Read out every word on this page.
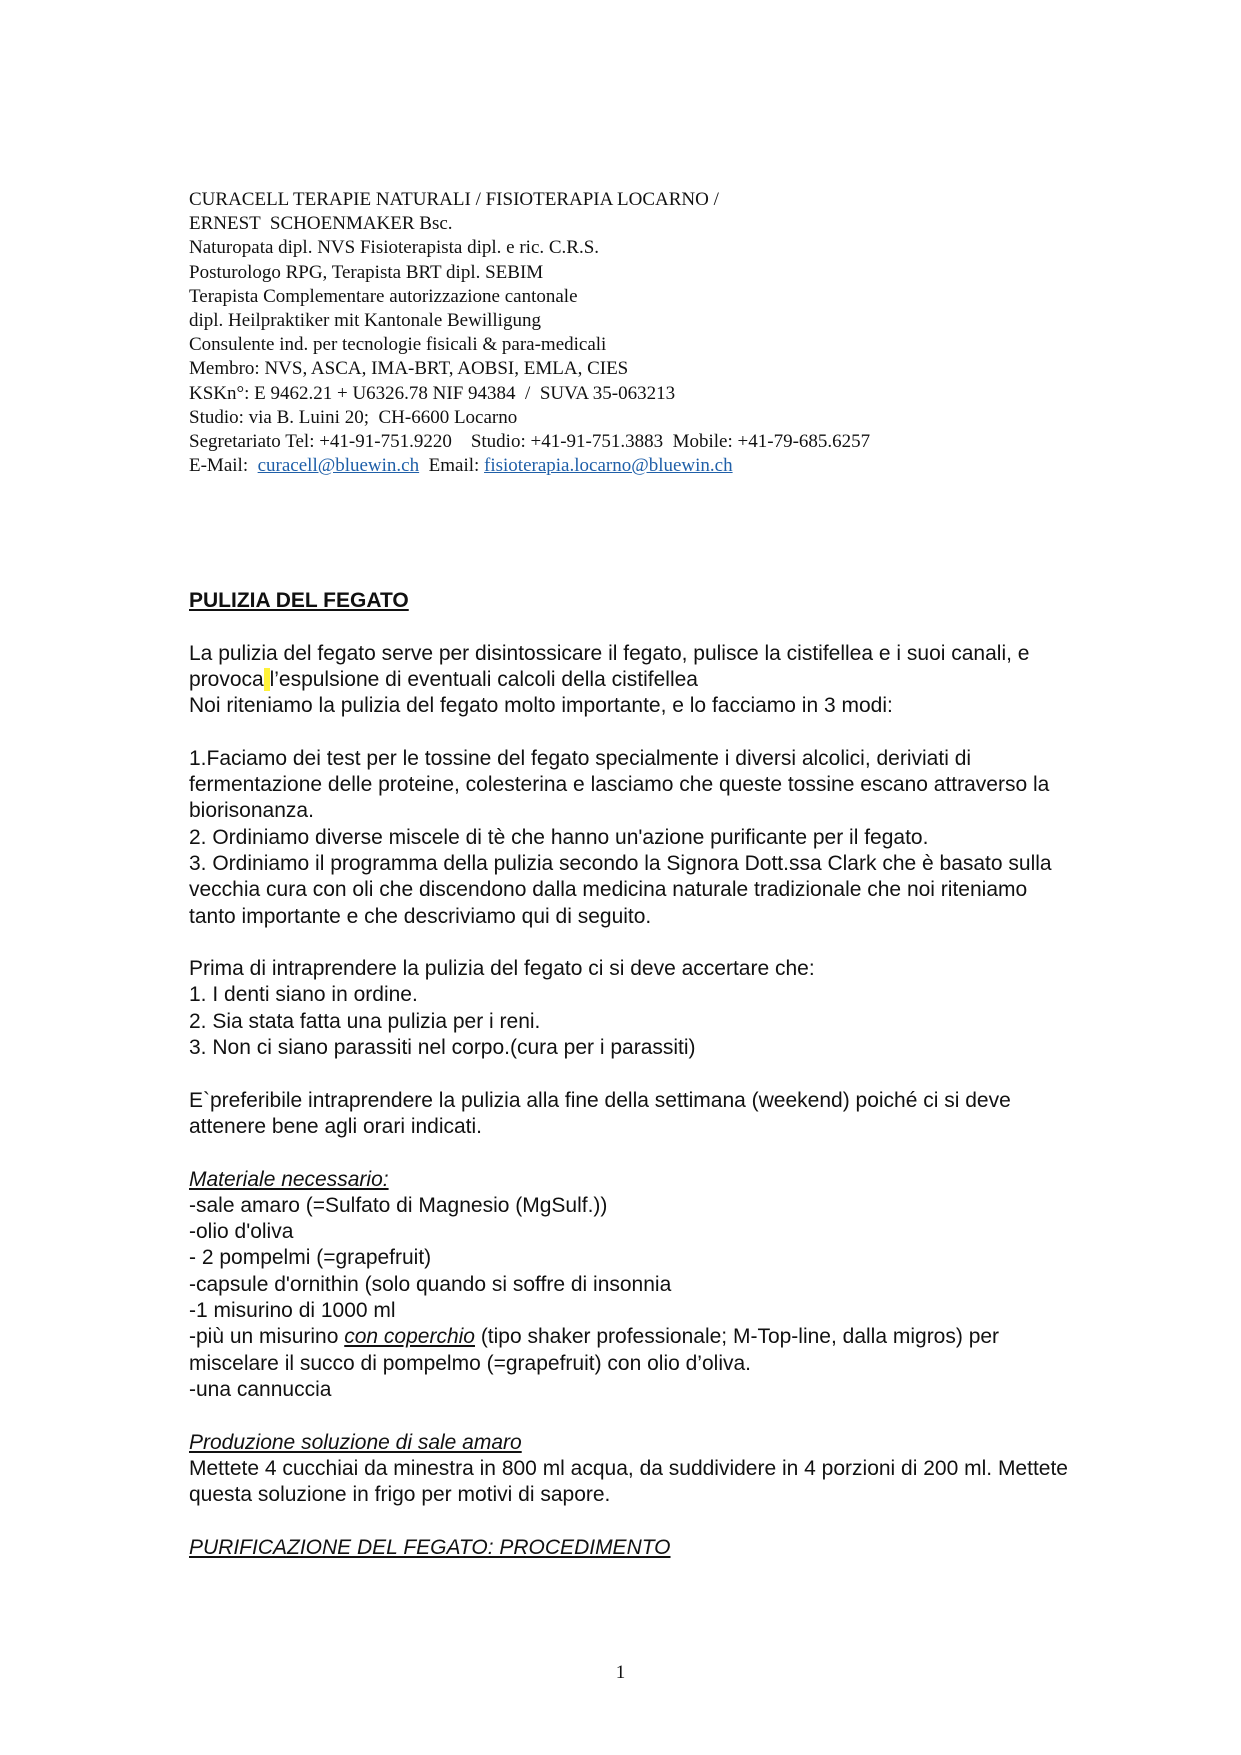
CURACELL TERAPIE NATURALI / FISIOTERAPIA LOCARNO /
ERNEST  SCHOENMAKER Bsc.
Naturopata dipl. NVS Fisioterapista dipl. e ric. C.R.S.
Posturologo RPG, Terapista BRT dipl. SEBIM
Terapista Complementare autorizzazione cantonale
dipl. Heilpraktiker mit Kantonale Bewilligung
Consulente ind. per tecnologie fisicali & para-medicali
Membro: NVS, ASCA, IMA-BRT, AOBSI, EMLA, CIES
KSKn°: E 9462.21 + U6326.78 NIF 94384  /  SUVA 35-063213
Studio: via B. Luini 20;  CH-6600 Locarno
Segretariato Tel: +41-91-751.9220    Studio: +41-91-751.3883  Mobile: +41-79-685.6257
E-Mail:  curacell@bluewin.ch  Email: fisioterapia.locarno@bluewin.ch

PULIZIA DEL FEGATO

La pulizia del fegato serve per disintossicare il fegato, pulisce la cistifellea e i suoi canali, e provoca l’espulsione di eventuali calcoli della cistifellea

Noi riteniamo la pulizia del fegato molto importante, e lo facciamo in 3 modi:

1.Faciamo dei test per le tossine del fegato specialmente i diversi alcolici, deriviati di fermentazione delle proteine, colesterina e lasciamo che queste tossine escano attraverso la biorisonanza.

2. Ordiniamo diverse miscele di tè che hanno un'azione purificante per il fegato.

3. Ordiniamo il programma della pulizia secondo la Signora Dott.ssa Clark che è basato sulla vecchia cura con oli che discendono dalla medicina naturale tradizionale che noi riteniamo tanto importante e che descriviamo qui di seguito.

Prima di intraprendere la pulizia del fegato ci si deve accertare che:

1. I denti siano in ordine.

2. Sia stata fatta una pulizia per i reni.

3. Non ci siano parassiti nel corpo.(cura per i parassiti)

E`preferibile intraprendere la pulizia alla fine della settimana (weekend) poiché ci si deve attenere bene agli orari indicati.

Materiale necessario:

-sale amaro (=Sulfato di Magnesio (MgSulf.))

-olio d'oliva

- 2 pompelmi (=grapefruit)

-capsule d'ornithin (solo quando si soffre di insonnia

-1 misurino di 1000 ml

-più un misurino con coperchio (tipo shaker professionale; M-Top-line, dalla migros) per miscelare il succo di pompelmo (=grapefruit) con olio d’oliva.

-una cannuccia

Produzione soluzione di sale amaro

Mettete 4 cucchiai da minestra in 800 ml acqua, da suddividere in 4 porzioni di 200 ml. Mettete questa soluzione in frigo per motivi di sapore.

PURIFICAZIONE DEL FEGATO: PROCEDIMENTO

1
